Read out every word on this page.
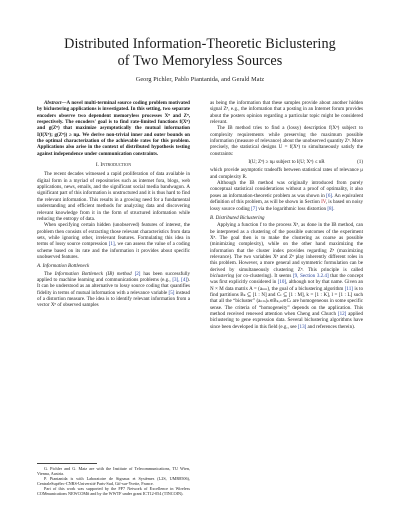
Distributed Information-Theoretic Biclustering
of Two Memoryless Sources
Georg Pichler, Pablo Piantanida, and Gerald Matz

Abstract—A novel multi-terminal source coding problem motivated by biclustering applications is investigated. In this setting, two separate encoders observe two dependent memoryless processes Xⁿ and Zⁿ, respectively. The encoders' goal is to find rate-limited functions f(Xⁿ) and g(Zⁿ) that maximize asymptotically the mutual information I(f(Xⁿ); g(Zⁿ)) ≥ nμ. We derive non-trivial inner and outer bounds on the optimal characterization of the achievable rates for this problem. Applications also arise in the context of distributed hypothesis testing against independence under communication constraints.

I. Introduction

The recent decades witnessed a rapid proliferation of data available in digital form in a myriad of repositories such as internet fora, blogs, web applications, news, emails, and the significant social media bandwagon. A significant part of this information is unstructured and it is thus hard to find the relevant information. This results in a growing need for a fundamental understanding and efficient methods for analyzing data and discovering relevant knowledge from it in the form of structured information while reducing the entropy of data.

When specifying certain hidden (unobserved) features of interest, the problem then consists of extracting those relevant characteristics from data sets, while ignoring other, irrelevant features. Formulating this idea in terms of lossy source compression [1], we can assess the value of a coding scheme based on its rate and the information it provides about specific unobserved features.

A. Information Bottleneck

The Information Bottleneck (IB) method [2] has been successfully applied to machine learning and communications problems (e.g., [3], [4]). It can be understood as an alternative to lossy source coding that quantifies fidelity in terms of mutual information with a relevance variable [5] instead of a distortion measure. The idea is to identify relevant information from a vector Xⁿ of observed samples

G. Pichler and G. Matz are with the Institute of Telecommunications, TU Wien, Vienna, Austria.

P. Piantanida is with Laboratoire de Signaux et Systèmes (L2S, UMR8506), CentraleSupélec-CNRS-Université Paris-Sud, Gif-sur-Yvette, France.

Part of this work was supported by the FP7 Network of Excellence in Wireless COMmunications NEWCOM# and by the WWTF under grant ICT12-054 (TINCOIN).

as being the information that these samples provide about another hidden signal Zⁿ, e.g., the information that a posting in an Internet forum provides about the posters opinion regarding a particular topic might be considered relevant.

The IB method tries to find a (lossy) description f(Xⁿ) subject to complexity requirements while preserving the maximum possible information (measure of relevance) about the unobserved quantity Zⁿ. More precisely, the statistical designs U = f(Xⁿ) to simultaneously satisfy the constraints:

I(U; Zⁿ) ≥ nμ subject to I(U; Xⁿ) ≤ nR	(1)

which provide asymptotic tradeoffs between statistical rates of relevance μ and complexity R.

Although the IB method was originally introduced from purely conceptual statistical considerations without a proof of optimality, it also poses an information-theoretic problem as was shown in [6]. An equivalent definition of this problem, as will be shown in Section IV, is based on noisy lossy source coding [7] via the logarithmic loss distortion [8].

B. Distributed Biclustering

Applying a function f to the process Xⁿ, as done in the IB method, can be interpreted as a clustering of the possible outcomes of the experiment Xⁿ. The goal then is to make the clustering as coarse as possible (minimizing complexity), while on the other hand maximizing the information that the cluster index provides regarding Zⁿ (maximizing relevance). The two variables Xⁿ and Zⁿ play inherently different roles in this problem. However, a more general and symmetric formulation can be derived by simultaneously clustering Zⁿ. This principle is called biclustering (or co-clustering). It seems [9, Section 3.2.4] that the concept was first explicitly considered in [10], although not by that name. Given an N × M data matrix A = (aₙₘ), the goal of a biclustering algorithm [11] is to find partitions Bₖ ⊆ [1 : N] and Cₗ ⊆ [1 : M], k = [1 : K], l = [1 : L] such that all the “bicluster” (aₙₘ)ₙ∈Bₖ,ₘ∈Cₗ are homogeneous in some specific sense. The criteria of “homogeneity” depends on the application. This method received renewed attention when Cheng and Church [12] applied biclustering to gene expression data. Several biclustering algorithms have since been developed in this field (e.g., see [13] and references therein).
